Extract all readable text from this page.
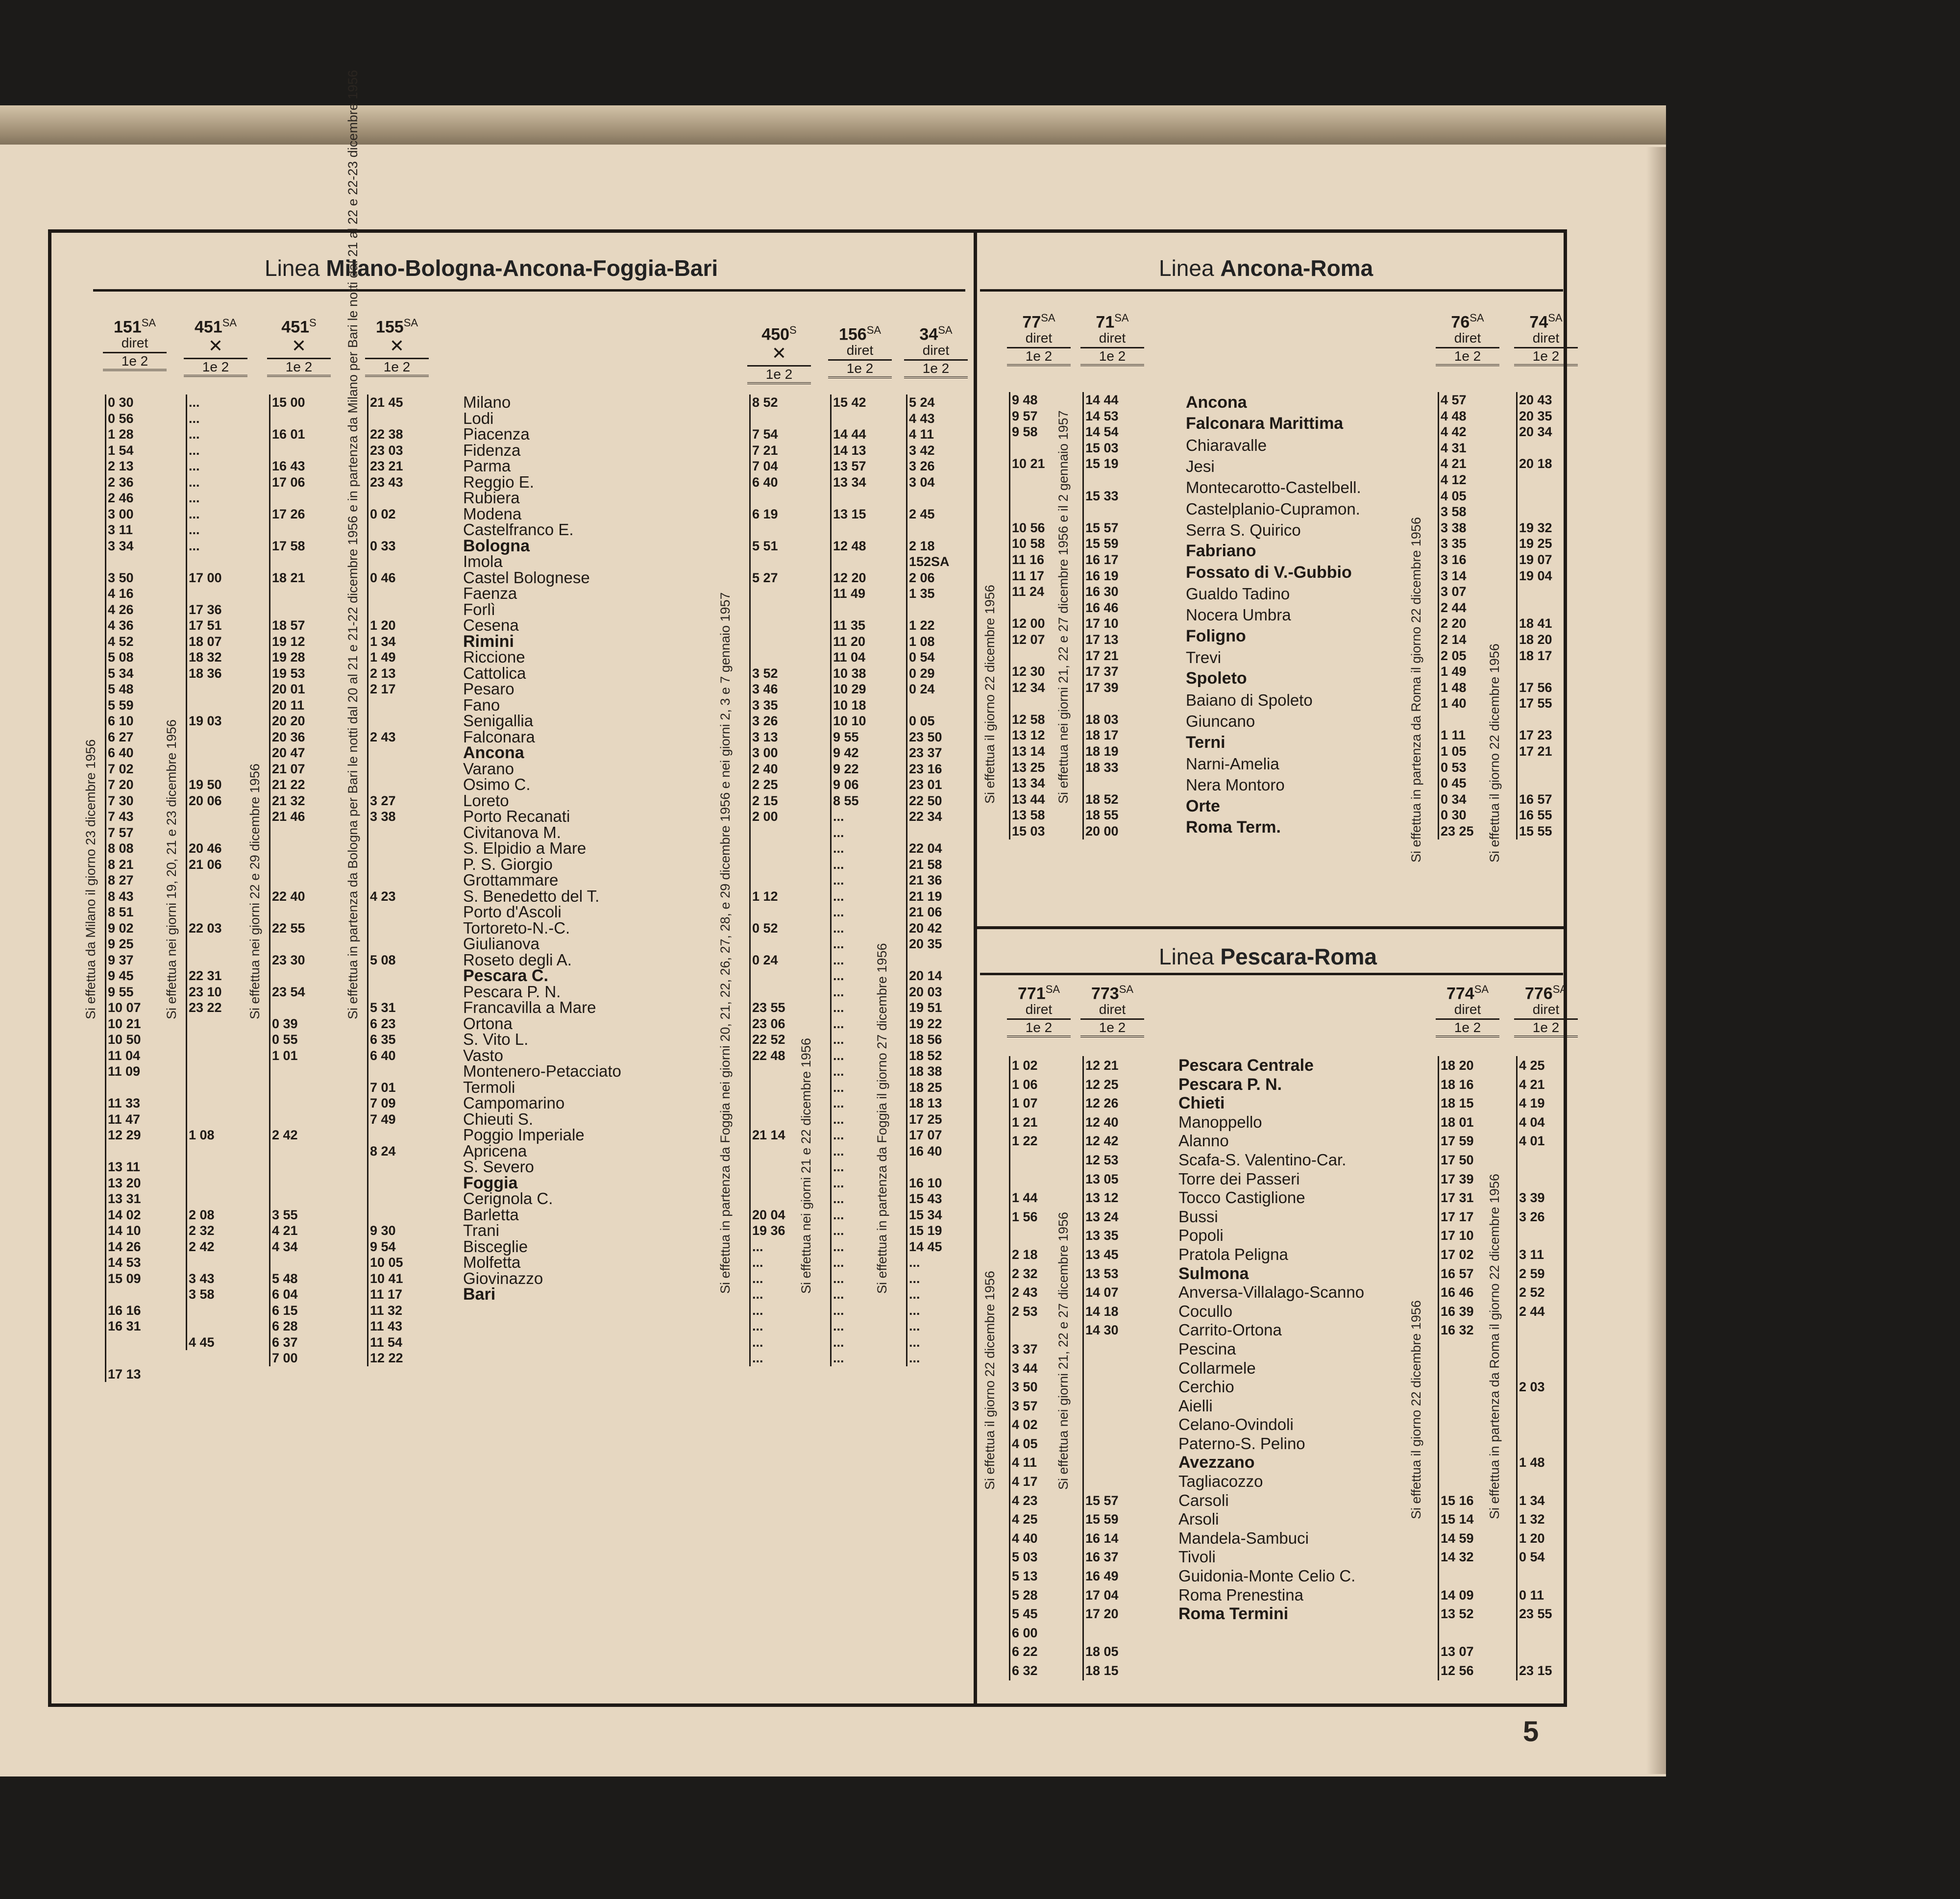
Linea Milano-Bologna-Ancona-Foggia-Bari	Linea Ancona-Roma
Linea Pescara-Roma
5
$151^{SA}$
diret
1e 2
0 30
0 56
1 28
1 54
2 13
2 36
2 46
3 00
3 11
3 34
3 50
4 16
4 26
4 36
4 52
5 08
5 34
5 48
5 59
6 10
6 27
6 40
7 02
7 20
7 30
7 43
7 57
8 08
8 21
8 27
8 43
8 51
9 02
9 25
9 37
9 45
9 55
10 07
10 21
10 50
11 04
11 09
11 33
11 47
12 29
13 11
13 20
13 31
14 02
14 10
14 26
14 53
15 09
16 16
16 31
17 13
Si effettua da Milano il giorno 23 dicembre 1956
$451^{SA}$
✕
1e 2
...
...
...
...
...
...
...
...
...
...
17 00
17 36
17 51
18 07
18 32
18 36
19 03
19 50
20 06
20 46
21 06
22 03
22 31
23 10
23 22
1 08
2 08
2 32
2 42
3 43
3 58
4 45
Si effettua nei giorni 19, 20, 21 e 23 dicembre 1956
$451^S$
✕
1e 2
15 00
16 01
16 43
17 06
17 26
17 58
18 21
18 57
19 12
19 28
19 53
20 01
20 11
20 20
20 36
20 47
21 07
21 22
21 32
21 46
22 40
22 55
23 30
23 54
0 39
0 55
1 01
2 42
3 55
4 21
4 34
5 48
6 04
6 15
6 28
6 37
7 00
Si effettua nei giorni 22 e 29 dicembre 1956
$155^{SA}$
✕
1e 2
21 45
22 38
23 03
23 21
23 43
0 02
0 33
0 46
1 20
1 34
1 49
2 13
2 17
2 43
3 27
3 38
4 23
5 08
5 31
6 23
6 35
6 40
7 01
7 09
7 49
8 24
9 30
9 54
10 05
10 41
11 17
11 32
11 43
11 54
12 22
Si effettua in partenza da Bologna per Bari le notti dal 20 al 21 e 21-22 dicembre 1956 e in partenza da Milano per Bari le notti dal 21 al 22 e 22-23 dicembre 1956	Milano
Lodi
Piacenza
Fidenza
Parma
Reggio E.
Rubiera
Modena
Castelfranco E.
Bologna
Imola
Castel Bolognese
Faenza
Forlì
Cesena
Rimini
Riccione
Cattolica
Pesaro
Fano
Senigallia
Falconara
Ancona
Varano
Osimo C.
Loreto
Porto Recanati
Civitanova M.
S. Elpidio a Mare
P. S. Giorgio
Grottammare
S. Benedetto del T.
Porto d'Ascoli
Tortoreto-N.-C.
Giulianova
Roseto degli A.
Pescara C.
Pescara P. N.
Francavilla a Mare
Ortona
S. Vito L.
Vasto
Montenero-Petacciato
Termoli
Campomarino
Chieuti S.
Poggio Imperiale
Apricena
S. Severo
Foggia
Cerignola C.
Barletta
Trani
Bisceglie
Molfetta
Giovinazzo
Bari
$450^S$
✕
1e 2
8 52
7 54
7 21
7 04
6 40
6 19
5 51
5 27
3 52
3 46
3 35
3 26
3 13
3 00
2 40
2 25
2 15
2 00
1 12
0 52
0 24
23 55
23 06
22 52
22 48
21 14
20 04
19 36
...
...
...
...
...
...
...
...
Si effettua in partenza da Foggia nei giorni 20, 21, 22, 26, 27, 28, e 29 dicembre 1956 e nei giorni 2, 3 e 7 gennaio 1957
$156^{SA}$
diret
1e 2
15 42
14 44
14 13
13 57
13 34
13 15
12 48
12 20
11 49
11 35
11 20
11 04
10 38
10 29
10 18
10 10
9 55
9 42
9 22
9 06
8 55
...
...
...
...
...
...
...
...
...
...
...
...
...
...
...
...
...
...
...
...
...
...
...
...
...
...
...
...
...
...
...
...
...
...
...
Si effettua nei giorni 21 e 22 dicembre 1956
$34^{SA}$
diret
1e 2
5 24
4 43
4 11
3 42
3 26
3 04
2 45
2 18
152SA
2 06
1 35
1 22
1 08
0 54
0 29
0 24
0 05
23 50
23 37
23 16
23 01
22 50
22 34
22 04
21 58
21 36
21 19
21 06
20 42
20 35
20 14
20 03
19 51
19 22
18 56
18 52
18 38
18 25
18 13
17 25
17 07
16 40
16 10
15 43
15 34
15 19
14 45
...
...
...
...
...
...
...
Si effettua in partenza da Foggia il giorno 27 dicembre 1956
$77^{SA}$
diret
1e 2
9 48
9 57
9 58
10 21
10 56
10 58
11 16
11 17
11 24
12 00
12 07
12 30
12 34
12 58
13 12
13 14
13 25
13 34
13 44
13 58
15 03
Si effettua il giorno 22 dicembre 1956
$71^{SA}$
diret
1e 2
14 44
14 53
14 54
15 03
15 19
15 33
15 57
15 59
16 17
16 19
16 30
16 46
17 10
17 13
17 21
17 37
17 39
18 03
18 17
18 19
18 33
18 52
18 55
20 00
Si effettua nei giorni 21, 22 e 27 dicembre 1956 e il 2 gennaio 1957
Ancona
Falconara Marittima
Chiaravalle
Jesi
Montecarotto-Castelbell.
Castelplanio-Cupramon.
Serra S. Quirico
Fabriano
Fossato di V.-Gubbio
Gualdo Tadino
Nocera Umbra
Foligno
Trevi
Spoleto
Baiano di Spoleto
Giuncano
Terni
Narni-Amelia
Nera Montoro
Orte
Roma Term.
$76^{SA}$
diret
1e 2
4 57
4 48
4 42
4 31
4 21
4 12
4 05
3 58
3 38
3 35
3 16
3 14
3 07
2 44
2 20
2 14
2 05
1 49
1 48
1 40
1 11
1 05
0 53
0 45
0 34
0 30
23 25
Si effettua in partenza da Roma il giorno 22 dicembre 1956
$74^{SA}$
diret
1e 2
20 43
20 35
20 34
20 18
19 32
19 25
19 07
19 04
18 41
18 20
18 17
17 56
17 55
17 23
17 21
16 57
16 55
15 55
Si effettua il giorno 22 dicembre 1956
$771^{SA}$
diret
1e 2
1 02
1 06
1 07
1 21
1 22
1 44
1 56
2 18
2 32
2 43
2 53
3 37
3 44
3 50
3 57
4 02
4 05
4 11
4 17
4 23
4 25
4 40
5 03
5 13
5 28
5 45
6 00
6 22
6 32
Si effettua il giorno 22 dicembre 1956
$773^{SA}$
diret
1e 2
12 21
12 25
12 26
12 40
12 42
12 53
13 05
13 12
13 24
13 35
13 45
13 53
14 07
14 18
14 30
15 57
15 59
16 14
16 37
16 49
17 04
17 20
18 05
18 15
Si effettua nei giorni 21, 22 e 27 dicembre 1956
Pescara Centrale
Pescara P. N.
Chieti
Manoppello
Alanno
Scafa-S. Valentino-Car.
Torre dei Passeri
Tocco Castiglione
Bussi
Popoli
Pratola Peligna
Sulmona
Anversa-Villalago-Scanno
Cocullo
Carrito-Ortona
Pescina
Collarmele
Cerchio
Aielli
Celano-Ovindoli
Paterno-S. Pelino
Avezzano
Tagliacozzo
Carsoli
Arsoli
Mandela-Sambuci
Tivoli
Guidonia-Monte Celio C.
Roma Prenestina
Roma Termini
$774^{SA}$
diret
1e 2
18 20
18 16
18 15
18 01
17 59
17 50
17 39
17 31
17 17
17 10
17 02
16 57
16 46
16 39
16 32
15 16
15 14
14 59
14 32
14 09
13 52
13 07
12 56
Si effettua il giorno 22 dicembre 1956
$776^{SA}$
diret
1e 2
4 25
4 21
4 19
4 04
4 01
3 39
3 26
3 11
2 59
2 52
2 44
2 03
1 48
1 34
1 32
1 20
0 54
0 11
23 55
23 15
Si effettua in partenza da Roma il giorno 22 dicembre 1956
